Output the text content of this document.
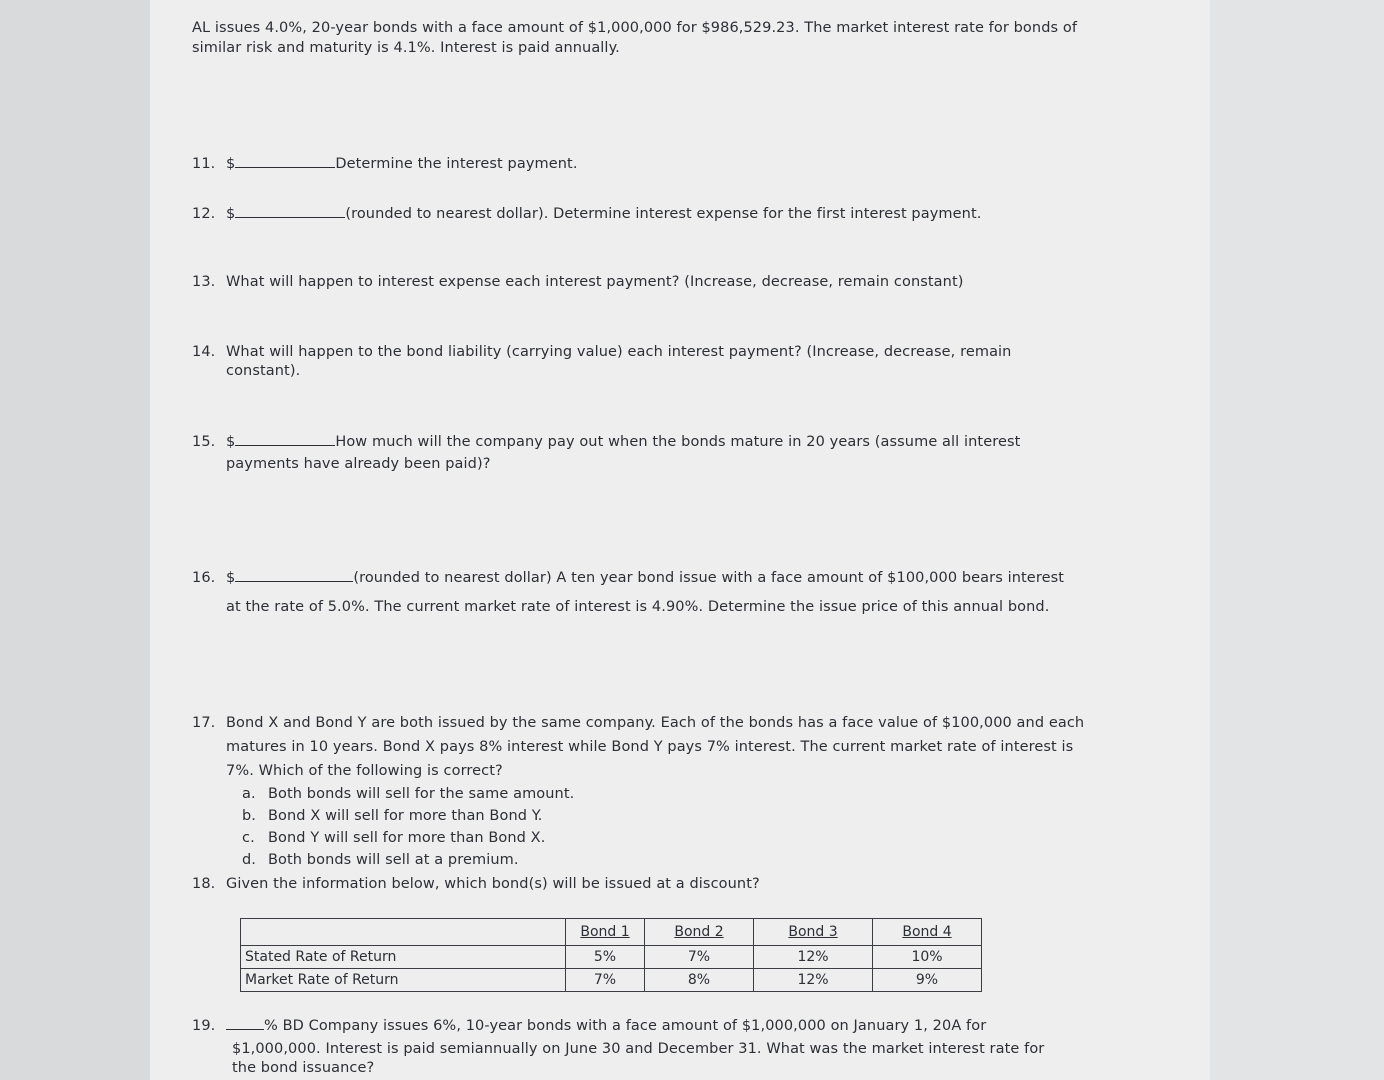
AL issues 4.0%, 20-year bonds with a face amount of $1,000,000 for $986,529.23. The market interest rate for bonds of
similar risk and maturity is 4.1%. Interest is paid annually.
11. $	Determine the interest payment.
12. $	(rounded to nearest dollar). Determine interest expense for the first interest payment.
13. What will happen to interest expense each interest payment? (Increase, decrease, remain constant)
14. What will happen to the bond liability (carrying value) each interest payment? (Increase, decrease, remain
constant).
15. $	How much will the company pay out when the bonds mature in 20 years (assume all interest
payments have already been paid)?
16. $	(rounded to nearest dollar) A ten year bond issue with a face amount of $100,000 bears interest
at the rate of 5.0%. The current market rate of interest is 4.90%. Determine the issue price of this annual bond.
17. Bond X and Bond Y are both issued by the same company. Each of the bonds has a face value of $100,000 and each
matures in 10 years. Bond X pays 8% interest while Bond Y pays 7% interest. The current market rate of interest is
7%. Which of the following is correct?
a. Both bonds will sell for the same amount.
b. Bond X will sell for more than Bond Y.
c. Bond Y will sell for more than Bond X.
d. Both bonds will sell at a premium.
18. Given the information below, which bond(s) will be issued at a discount?
19.	% BD Company issues 6%, 10-year bonds with a face amount of $1,000,000 on January 1, 20A for
$1,000,000. Interest is paid semiannually on June 30 and December 31. What was the market interest rate for
the bond issuance?
	Bond 1	Bond 2	Bond 3	Bond 4
Stated Rate of Return	5%	7%	12%	10%
Market Rate of Return	7%	8%	12%	9%
